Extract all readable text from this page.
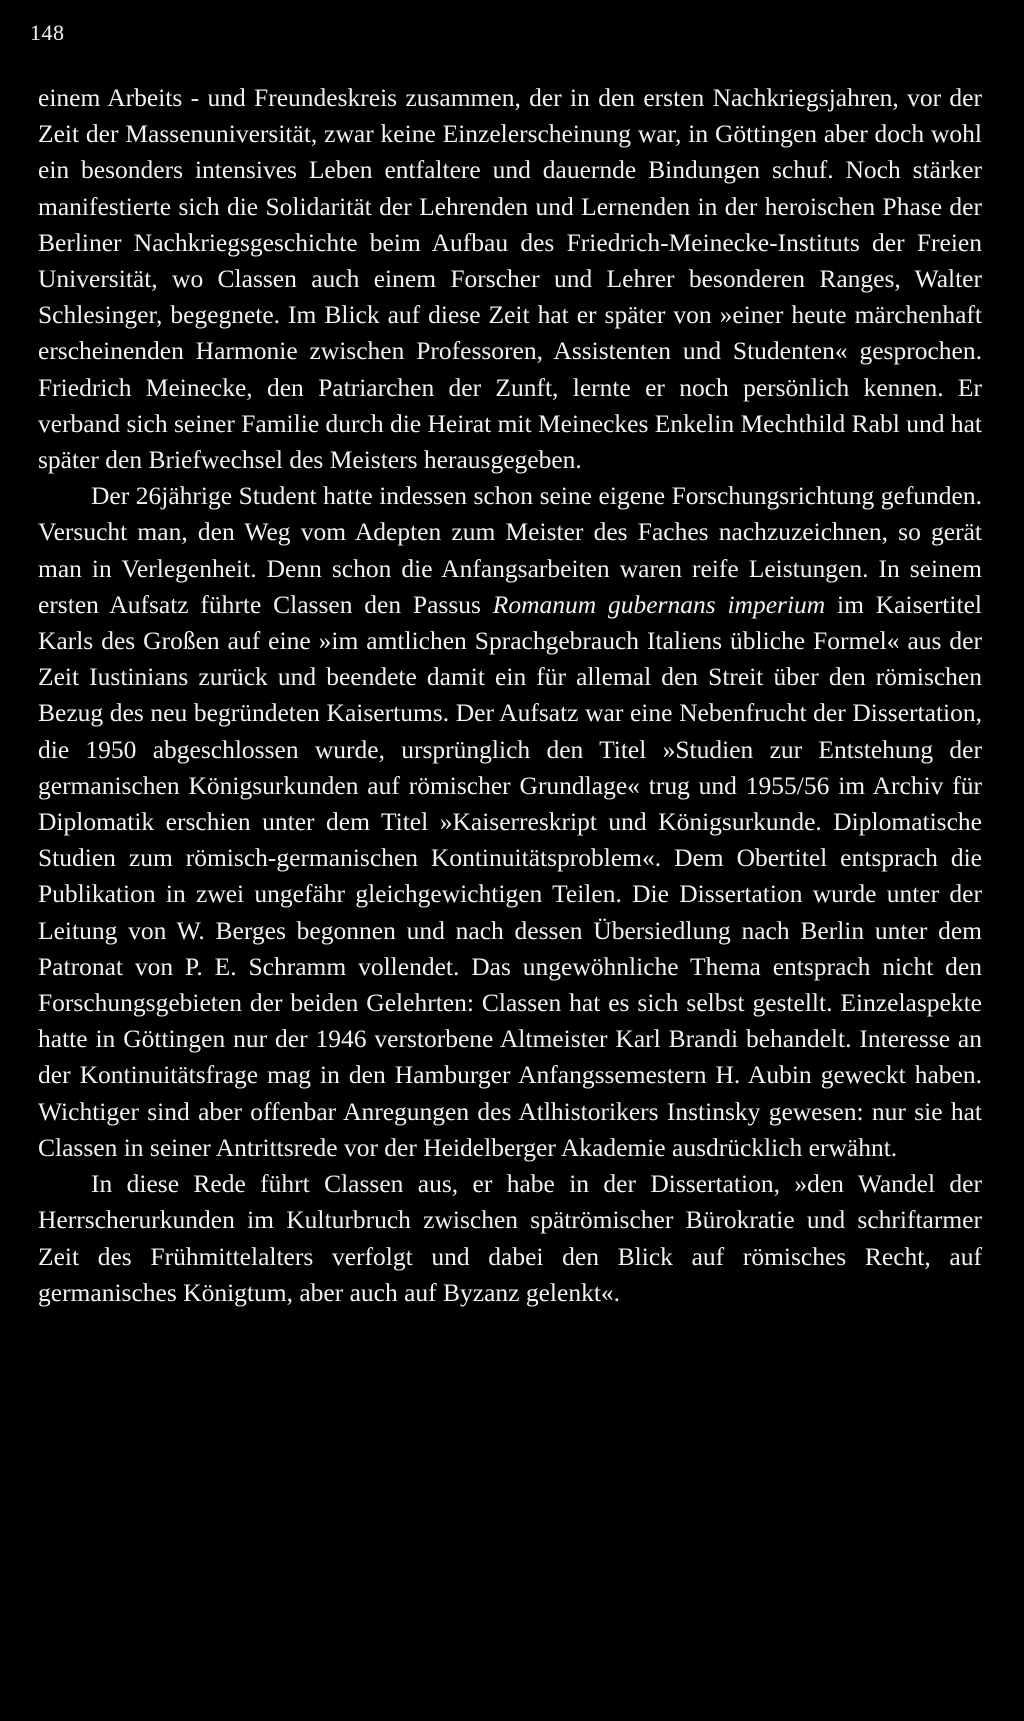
148

einem Arbeits - und Freundeskreis zusammen, der in den ersten Nachkriegsjahren, vor der Zeit der Massenuniversität, zwar keine Einzelerscheinung war, in Göttingen aber doch wohl ein besonders intensives Leben entfaltere und dauernde Bindungen schuf. Noch stärker manifestierte sich die Solidarität der Lehrenden und Lernenden in der heroischen Phase der Berliner Nachkriegsgeschichte beim Aufbau des Friedrich-Meinecke-Instituts der Freien Universität, wo Classen auch einem Forscher und Lehrer besonderen Ranges, Walter Schlesinger, begegnete. Im Blick auf diese Zeit hat er später von »einer heute märchenhaft erscheinenden Harmonie zwischen Professoren, Assistenten und Studenten« gesprochen. Friedrich Meinecke, den Patriarchen der Zunft, lernte er noch persönlich kennen. Er verband sich seiner Familie durch die Heirat mit Meineckes Enkelin Mechthild Rabl und hat später den Briefwechsel des Meisters herausgegeben.

Der 26jährige Student hatte indessen schon seine eigene Forschungsrichtung gefunden. Versucht man, den Weg vom Adepten zum Meister des Faches nachzuzeichnen, so gerät man in Verlegenheit. Denn schon die Anfangsarbeiten waren reife Leistungen. In seinem ersten Aufsatz führte Classen den Passus Romanum gubernans imperium im Kaisertitel Karls des Großen auf eine »im amtlichen Sprachgebrauch Italiens übliche Formel« aus der Zeit Iustinians zurück und beendete damit ein für allemal den Streit über den römischen Bezug des neu begründeten Kaisertums. Der Aufsatz war eine Nebenfrucht der Dissertation, die 1950 abgeschlossen wurde, ursprünglich den Titel »Studien zur Entstehung der germanischen Königsurkunden auf römischer Grundlage« trug und 1955/56 im Archiv für Diplomatik erschien unter dem Titel »Kaiserreskript und Königsurkunde. Diplomatische Studien zum römisch-germanischen Kontinuitätsproblem«. Dem Obertitel entsprach die Publikation in zwei ungefähr gleichgewichtigen Teilen. Die Dissertation wurde unter der Leitung von W. Berges begonnen und nach dessen Übersiedlung nach Berlin unter dem Patronat von P. E. Schramm vollendet. Das ungewöhnliche Thema entsprach nicht den Forschungsgebieten der beiden Gelehrten: Classen hat es sich selbst gestellt. Einzelaspekte hatte in Göttingen nur der 1946 verstorbene Altmeister Karl Brandi behandelt. Interesse an der Kontinuitätsfrage mag in den Hamburger Anfangssemestern H. Aubin geweckt haben. Wichtiger sind aber offenbar Anregungen des Atlhistorikers Instinsky gewesen: nur sie hat Classen in seiner Antrittsrede vor der Heidelberger Akademie ausdrücklich erwähnt.

In diese Rede führt Classen aus, er habe in der Dissertation, »den Wandel der Herrscherurkunden im Kulturbruch zwischen spätrömischer Bürokratie und schriftarmer Zeit des Frühmittelalters verfolgt und dabei den Blick auf römisches Recht, auf germanisches Königtum, aber auch auf Byzanz gelenkt«.
